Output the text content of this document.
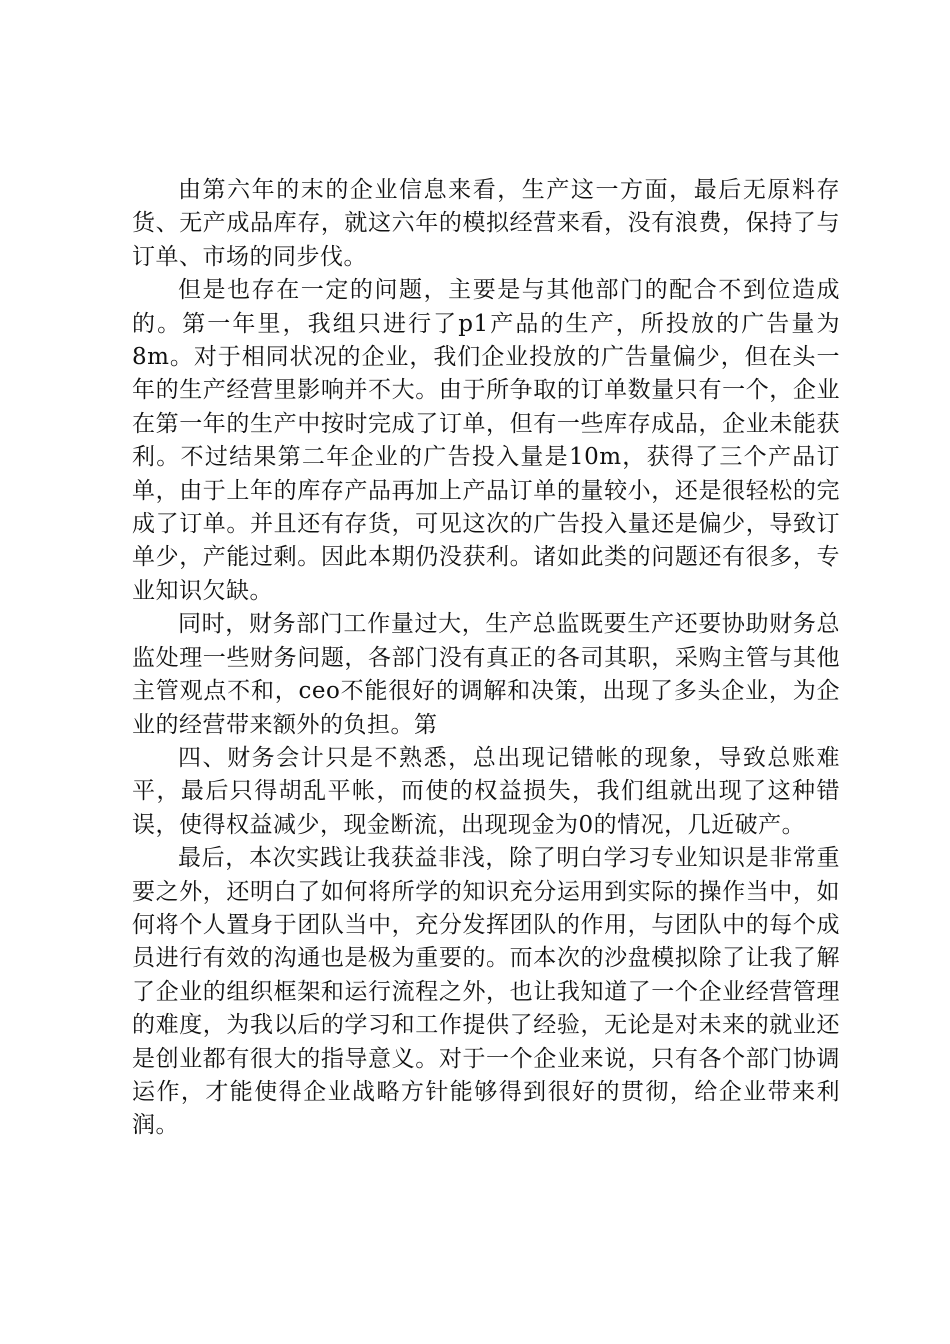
由第六年的末的企业信息来看，生产这一方面，最后无原料存货、无产成品库存，就这六年的模拟经营来看，没有浪费，保持了与订单、市场的同步伐。

但是也存在一定的问题，主要是与其他部门的配合不到位造成的。第一年里，我组只进行了p1产品的生产，所投放的广告量为8m。对于相同状况的企业，我们企业投放的广告量偏少，但在头一年的生产经营里影响并不大。由于所争取的订单数量只有一个，企业在第一年的生产中按时完成了订单，但有一些库存成品，企业未能获利。不过结果第二年企业的广告投入量是10m，获得了三个产品订单，由于上年的库存产品再加上产品订单的量较小，还是很轻松的完成了订单。并且还有存货，可见这次的广告投入量还是偏少，导致订单少，产能过剩。因此本期仍没获利。诸如此类的问题还有很多，专业知识欠缺。

同时，财务部门工作量过大，生产总监既要生产还要协助财务总监处理一些财务问题，各部门没有真正的各司其职，采购主管与其他主管观点不和，ceo不能很好的调解和决策，出现了多头企业，为企业的经营带来额外的负担。第

四、财务会计只是不熟悉，总出现记错帐的现象，导致总账难平，最后只得胡乱平帐，而使的权益损失，我们组就出现了这种错误，使得权益减少，现金断流，出现现金为0的情况，几近破产。

最后，本次实践让我获益非浅，除了明白学习专业知识是非常重要之外，还明白了如何将所学的知识充分运用到实际的操作当中，如何将个人置身于团队当中，充分发挥团队的作用，与团队中的每个成员进行有效的沟通也是极为重要的。而本次的沙盘模拟除了让我了解了企业的组织框架和运行流程之外，也让我知道了一个企业经营管理的难度，为我以后的学习和工作提供了经验，无论是对未来的就业还是创业都有很大的指导意义。对于一个企业来说，只有各个部门协调运作，才能使得企业战略方针能够得到很好的贯彻，给企业带来利润。
